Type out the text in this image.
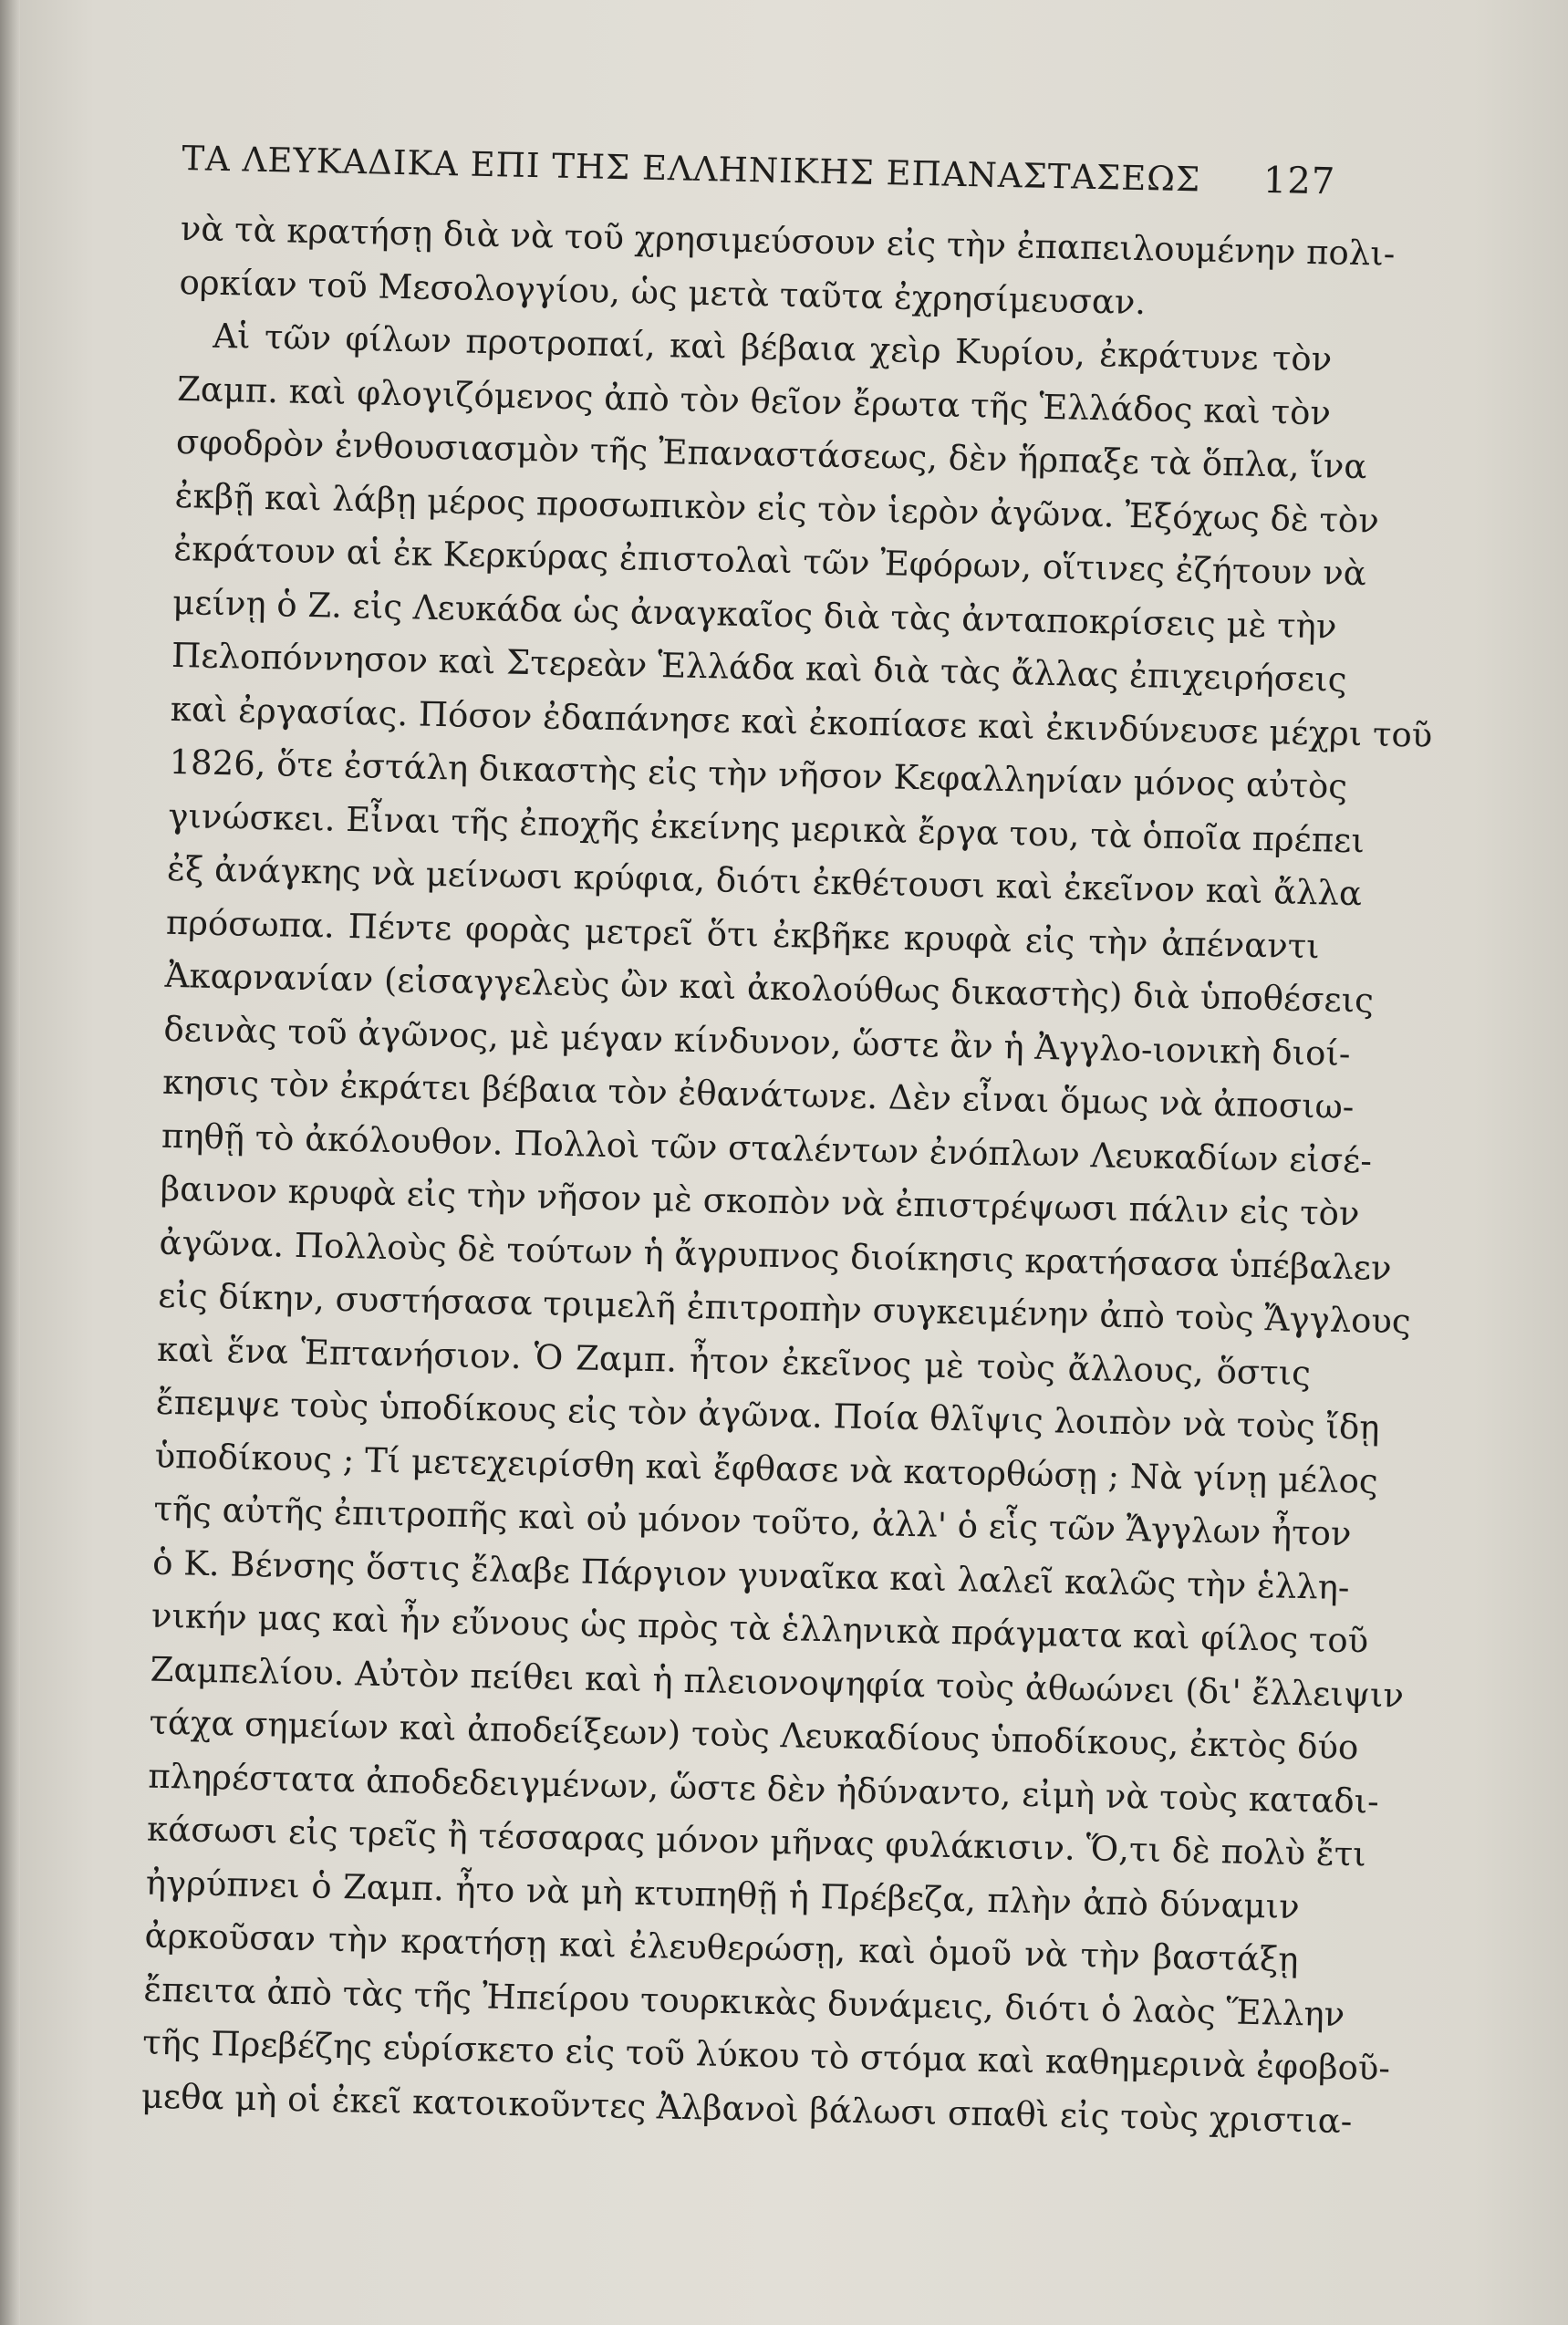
ΤΑ ΛΕΥΚΑΔΙΚΑ ΕΠΙ ΤΗΣ ΕΛΛΗΝΙΚΗΣ ΕΠΑΝΑΣΤΑΣΕΩΣ 127
νὰ τὰ κρατήσῃ διὰ νὰ τοῦ χρησιμεύσουν εἰς τὴν ἐπαπειλουμένην πολι-
ορκίαν τοῦ Μεσολογγίου, ὡς μετὰ ταῦτα ἐχρησίμευσαν.
Αἱ τῶν φίλων προτροπαί, καὶ βέβαια χεὶρ Κυρίου, ἐκράτυνε τὸν
Ζαμπ. καὶ φλογιζόμενος ἀπὸ τὸν θεῖον ἔρωτα τῆς Ἑλλάδος καὶ τὸν
σφοδρὸν ἐνθουσιασμὸν τῆς Ἐπαναστάσεως, δὲν ἥρπαξε τὰ ὅπλα, ἵνα
ἐκβῇ καὶ λάβῃ μέρος προσωπικὸν εἰς τὸν ἱερὸν ἀγῶνα. Ἐξόχως δὲ τὸν
ἐκράτουν αἱ ἐκ Κερκύρας ἐπιστολαὶ τῶν Ἐφόρων, οἵτινες ἐζήτουν νὰ
μείνῃ ὁ Ζ. εἰς Λευκάδα ὡς ἀναγκαῖος διὰ τὰς ἀνταποκρίσεις μὲ τὴν
Πελοπόννησον καὶ Στερεὰν Ἑλλάδα καὶ διὰ τὰς ἄλλας ἐπιχειρήσεις
καὶ ἐργασίας. Πόσον ἐδαπάνησε καὶ ἐκοπίασε καὶ ἐκινδύνευσε μέχρι τοῦ
1826, ὅτε ἐστάλη δικαστὴς εἰς τὴν νῆσον Κεφαλληνίαν μόνος αὐτὸς
γινώσκει. Εἶναι τῆς ἐποχῆς ἐκείνης μερικὰ ἔργα του, τὰ ὁποῖα πρέπει
ἐξ ἀνάγκης νὰ μείνωσι κρύφια, διότι ἐκθέτουσι καὶ ἐκεῖνον καὶ ἄλλα
πρόσωπα. Πέντε φορὰς μετρεῖ ὅτι ἐκβῆκε κρυφὰ εἰς τὴν ἀπέναντι
Ἀκαρνανίαν (εἰσαγγελεὺς ὢν καὶ ἀκολούθως δικαστὴς) διὰ ὑποθέσεις
δεινὰς τοῦ ἀγῶνος, μὲ μέγαν κίνδυνον, ὥστε ἂν ἡ Ἀγγλο-ιονικὴ διοί-
κησις τὸν ἐκράτει βέβαια τὸν ἐθανάτωνε. Δὲν εἶναι ὅμως νὰ ἀποσιω-
πηθῇ τὸ ἀκόλουθον. Πολλοὶ τῶν σταλέντων ἐνόπλων Λευκαδίων εἰσέ-
βαινον κρυφὰ εἰς τὴν νῆσον μὲ σκοπὸν νὰ ἐπιστρέψωσι πάλιν εἰς τὸν
ἀγῶνα. Πολλοὺς δὲ τούτων ἡ ἄγρυπνος διοίκησις κρατήσασα ὑπέβαλεν
εἰς δίκην, συστήσασα τριμελῆ ἐπιτροπὴν συγκειμένην ἀπὸ τοὺς Ἄγγλους
καὶ ἕνα Ἑπτανήσιον. Ὁ Ζαμπ. ἦτον ἐκεῖνος μὲ τοὺς ἄλλους, ὅστις
ἔπεμψε τοὺς ὑποδίκους εἰς τὸν ἀγῶνα. Ποία θλῖψις λοιπὸν νὰ τοὺς ἴδῃ
ὑποδίκους ; Τί μετεχειρίσθη καὶ ἔφθασε νὰ κατορθώσῃ ; Νὰ γίνῃ μέλος
τῆς αὐτῆς ἐπιτροπῆς καὶ οὐ μόνον τοῦτο, ἀλλ' ὁ εἷς τῶν Ἄγγλων ἦτον
ὁ Κ. Βένσης ὅστις ἔλαβε Πάργιον γυναῖκα καὶ λαλεῖ καλῶς τὴν ἑλλη-
νικήν μας καὶ ἦν εὔνους ὡς πρὸς τὰ ἑλληνικὰ πράγματα καὶ φίλος τοῦ
Ζαμπελίου. Αὐτὸν πείθει καὶ ἡ πλειονοψηφία τοὺς ἀθωώνει (δι' ἔλλειψιν
τάχα σημείων καὶ ἀποδείξεων) τοὺς Λευκαδίους ὑποδίκους, ἐκτὸς δύο
πληρέστατα ἀποδεδειγμένων, ὥστε δὲν ἠδύναντο, εἰμὴ νὰ τοὺς καταδι-
κάσωσι εἰς τρεῖς ἢ τέσσαρας μόνον μῆνας φυλάκισιν. Ὅ,τι δὲ πολὺ ἔτι
ἠγρύπνει ὁ Ζαμπ. ἦτο νὰ μὴ κτυπηθῇ ἡ Πρέβεζα, πλὴν ἀπὸ δύναμιν
ἀρκοῦσαν τὴν κρατήσῃ καὶ ἐλευθερώσῃ, καὶ ὁμοῦ νὰ τὴν βαστάξῃ
ἔπειτα ἀπὸ τὰς τῆς Ἠπείρου τουρκικὰς δυνάμεις, διότι ὁ λαὸς Ἕλλην
τῆς Πρεβέζης εὑρίσκετο εἰς τοῦ λύκου τὸ στόμα καὶ καθημερινὰ ἐφοβοῦ-
μεθα μὴ οἱ ἐκεῖ κατοικοῦντες Ἀλβανοὶ βάλωσι σπαθὶ εἰς τοὺς χριστια-
